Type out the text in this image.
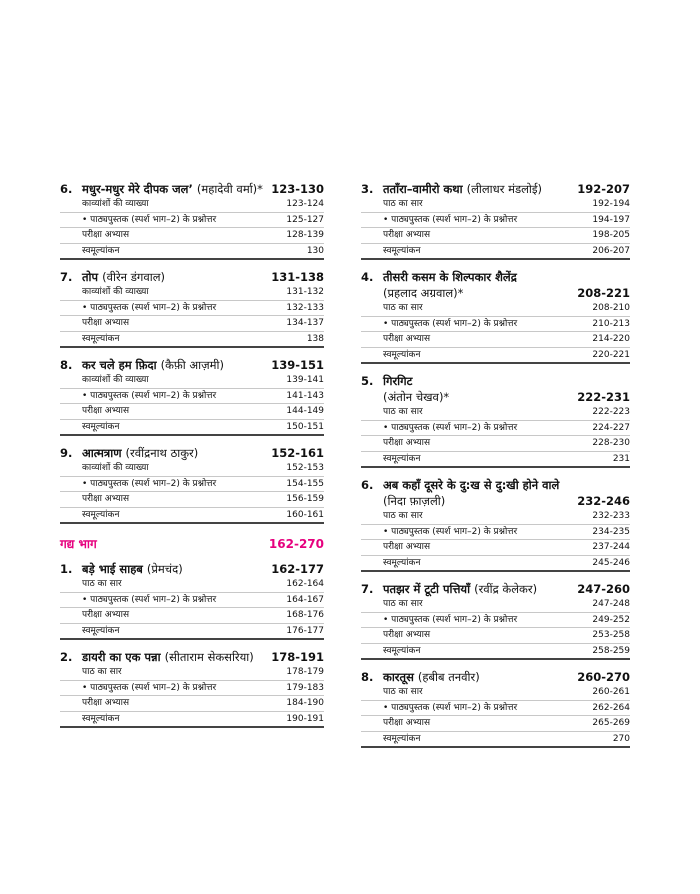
6. मधुर-मधुर मेरे दीपक जल’ (महादेवी वर्मा)* 123-130
काव्यांशों की व्याख्या	123-124
• पाठ्यपुस्तक (स्पर्श भाग–2) के प्रश्नोत्तर	125-127
परीक्षा अभ्यास	128-139
स्वमूल्यांकन	130
7. तोप (वीरेन डंगवाल)	131-138
काव्यांशों की व्याख्या	131-132
• पाठ्यपुस्तक (स्पर्श भाग–2) के प्रश्नोत्तर	132-133
परीक्षा अभ्यास	134-137
स्वमूल्यांकन	138
8. कर चले हम फ़िदा (कैफ़ी आज़मी)	139-151
काव्यांशों की व्याख्या	139-141
• पाठ्यपुस्तक (स्पर्श भाग–2) के प्रश्नोत्तर	141-143
परीक्षा अभ्यास	144-149
स्वमूल्यांकन	150-151
9. आत्मत्राण (रवींद्रनाथ ठाकुर)	152-161
काव्यांशों की व्याख्या	152-153
• पाठ्यपुस्तक (स्पर्श भाग–2) के प्रश्नोत्तर	154-155
परीक्षा अभ्यास	156-159
स्वमूल्यांकन	160-161
गद्य भाग	162-270
1. बड़े भाई साहब (प्रेमचंद)	162-177
पाठ का सार	162-164
• पाठ्यपुस्तक (स्पर्श भाग–2) के प्रश्नोत्तर	164-167
परीक्षा अभ्यास	168-176
स्वमूल्यांकन	176-177
2. डायरी का एक पन्ना (सीताराम सेकसरिया)	178-191
पाठ का सार	178-179
• पाठ्यपुस्तक (स्पर्श भाग–2) के प्रश्नोत्तर	179-183
परीक्षा अभ्यास	184-190
स्वमूल्यांकन	190-191
3. तताँरा–वामीरो कथा (लीलाधर मंडलोई)	192-207
पाठ का सार	192-194
• पाठ्यपुस्तक (स्पर्श भाग–2) के प्रश्नोत्तर	194-197
परीक्षा अभ्यास	198-205
स्वमूल्यांकन	206-207
4. तीसरी कसम के शिल्पकार शैलेंद्र
(प्रहलाद अग्रवाल)*	208-221
पाठ का सार	208-210
• पाठ्यपुस्तक (स्पर्श भाग–2) के प्रश्नोत्तर	210-213
परीक्षा अभ्यास	214-220
स्वमूल्यांकन	220-221
5. गिरगिट
(अंतोन चेखव)*	222-231
पाठ का सार	222-223
• पाठ्यपुस्तक (स्पर्श भाग–2) के प्रश्नोत्तर	224-227
परीक्षा अभ्यास	228-230
स्वमूल्यांकन	231
6. अब कहाँ दूसरे के दु:ख से दु:खी होने वाले
(निदा फ़ाज़ली)	232-246
पाठ का सार	232-233
• पाठ्यपुस्तक (स्पर्श भाग–2) के प्रश्नोत्तर	234-235
परीक्षा अभ्यास	237-244
स्वमूल्यांकन	245-246
7. पतझर में टूटी पत्तियाँ (रवींद्र केलेकर)	247-260
पाठ का सार	247-248
• पाठ्यपुस्तक (स्पर्श भाग–2) के प्रश्नोत्तर	249-252
परीक्षा अभ्यास	253-258
स्वमूल्यांकन	258-259
8. कारतूस (हबीब तनवीर)	260-270
पाठ का सार	260-261
• पाठ्यपुस्तक (स्पर्श भाग–2) के प्रश्नोत्तर	262-264
परीक्षा अभ्यास	265-269
स्वमूल्यांकन	270
